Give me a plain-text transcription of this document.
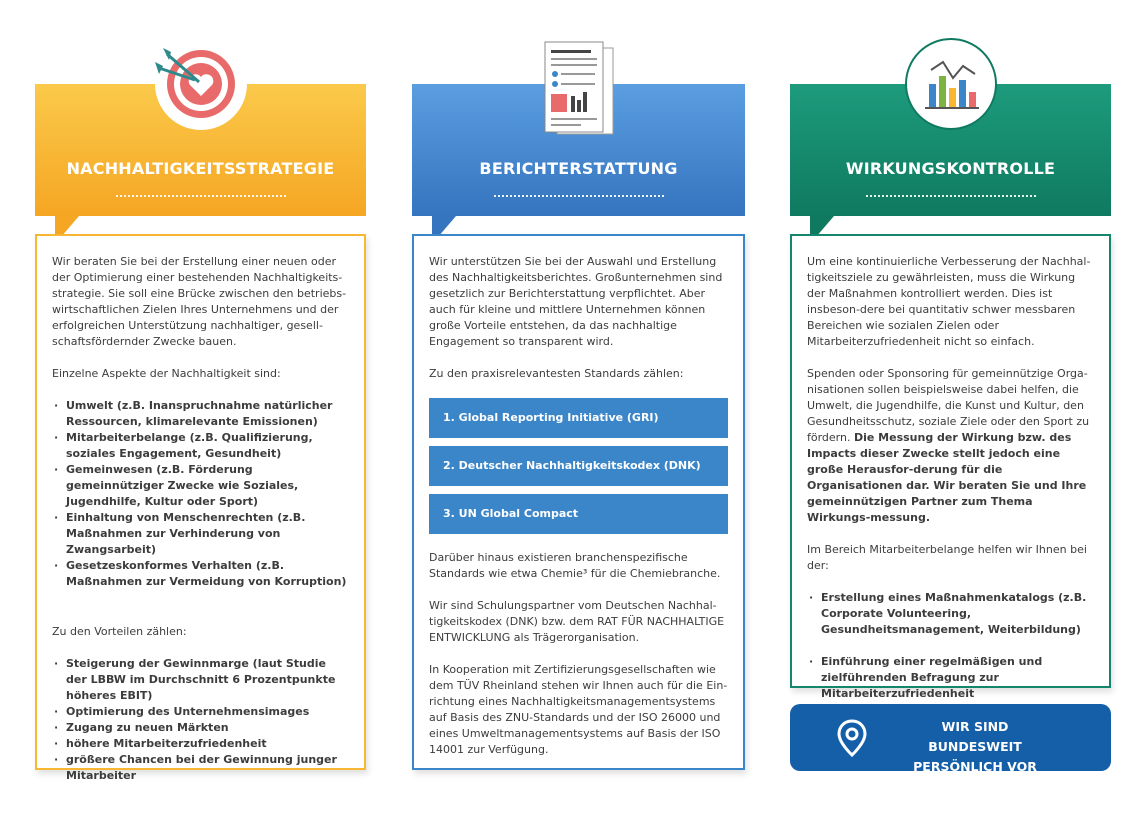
NACHHALTIGKEITSSTRATEGIE

Wir beraten Sie bei der Erstellung einer neuen oder der Optimierung einer bestehenden Nachhaltigkeits-strategie. Sie soll eine Brücke zwischen den betriebs-wirtschaftlichen Zielen Ihres Unternehmens und der erfolgreichen Unterstützung nachhaltiger, gesell-schaftsfördernder Zwecke bauen.

Einzelne Aspekte der Nachhaltigkeit sind:

· Umwelt (z.B. Inanspruchnahme natürlicher Ressourcen, klimarelevante Emissionen)
· Mitarbeiterbelange (z.B. Qualifizierung, soziales Engagement, Gesundheit)
· Gemeinwesen (z.B. Förderung gemeinnütziger Zwecke wie Soziales, Jugendhilfe, Kultur oder Sport)
· Einhaltung von Menschenrechten (z.B. Maßnahmen zur Verhinderung von Zwangsarbeit)
· Gesetzeskonformes Verhalten (z.B. Maßnahmen zur Vermeidung von Korruption)

Zu den Vorteilen zählen:

· Steigerung der Gewinnmarge (laut Studie der LBBW im Durchschnitt 6 Prozentpunkte höheres EBIT)
· Optimierung des Unternehmensimages
· Zugang zu neuen Märkten
· höhere Mitarbeiterzufriedenheit
· größere Chancen bei der Gewinnung junger Mitarbeiter
BERICHTERSTATTUNG

Wir unterstützen Sie bei der Auswahl und Erstellung des Nachhaltigkeitsberichtes. Großunternehmen sind gesetzlich zur Berichterstattung verpflichtet. Aber auch für kleine und mittlere Unternehmen können große Vorteile entstehen, da das nachhaltige Engagement so transparent wird.

Zu den praxisrelevantesten Standards zählen:

1. Global Reporting Initiative (GRI)
2. Deutscher Nachhaltigkeitskodex (DNK)
3. UN Global Compact

Darüber hinaus existieren branchenspezifische Standards wie etwa Chemie³ für die Chemiebranche.

Wir sind Schulungspartner vom Deutschen Nachhal-tigkeitskodex (DNK) bzw. dem RAT FÜR NACHHALTIGE ENTWICKLUNG als Trägerorganisation.

In Kooperation mit Zertifizierungsgesellschaften wie dem TÜV Rheinland stehen wir Ihnen auch für die Ein-richtung eines Nachhaltigkeitsmanagementsystems auf Basis des ZNU-Standards und der ISO 26000 und eines Umweltmanagementsystems auf Basis der ISO 14001 zur Verfügung.

WIRKUNGSKONTROLLE

Um eine kontinuierliche Verbesserung der Nachhal-tigkeitsziele zu gewährleisten, muss die Wirkung der Maßnahmen kontrolliert werden. Dies ist insbeson-dere bei quantitativ schwer messbaren Bereichen wie sozialen Zielen oder Mitarbeiterzufriedenheit nicht so einfach.

Spenden oder Sponsoring für gemeinnützige Orga-nisationen sollen beispielsweise dabei helfen, die Umwelt, die Jugendhilfe, die Kunst und Kultur, den Gesundheitsschutz, soziale Ziele oder den Sport zu fördern. Die Messung der Wirkung bzw. des Impacts dieser Zwecke stellt jedoch eine große Herausfor-derung für die Organisationen dar. Wir beraten Sie und Ihre gemeinnützigen Partner zum Thema Wirkungs-messung.

Im Bereich Mitarbeiterbelange helfen wir Ihnen bei der:

· Erstellung eines Maßnahmenkatalogs (z.B. Corporate Volunteering, Gesundheitsmanagement, Weiterbildung)
· Einführung einer regelmäßigen und zielführenden Befragung zur Mitarbeiterzufriedenheit
WIR SIND BUNDESWEIT
PERSÖNLICH VOR ORT.
